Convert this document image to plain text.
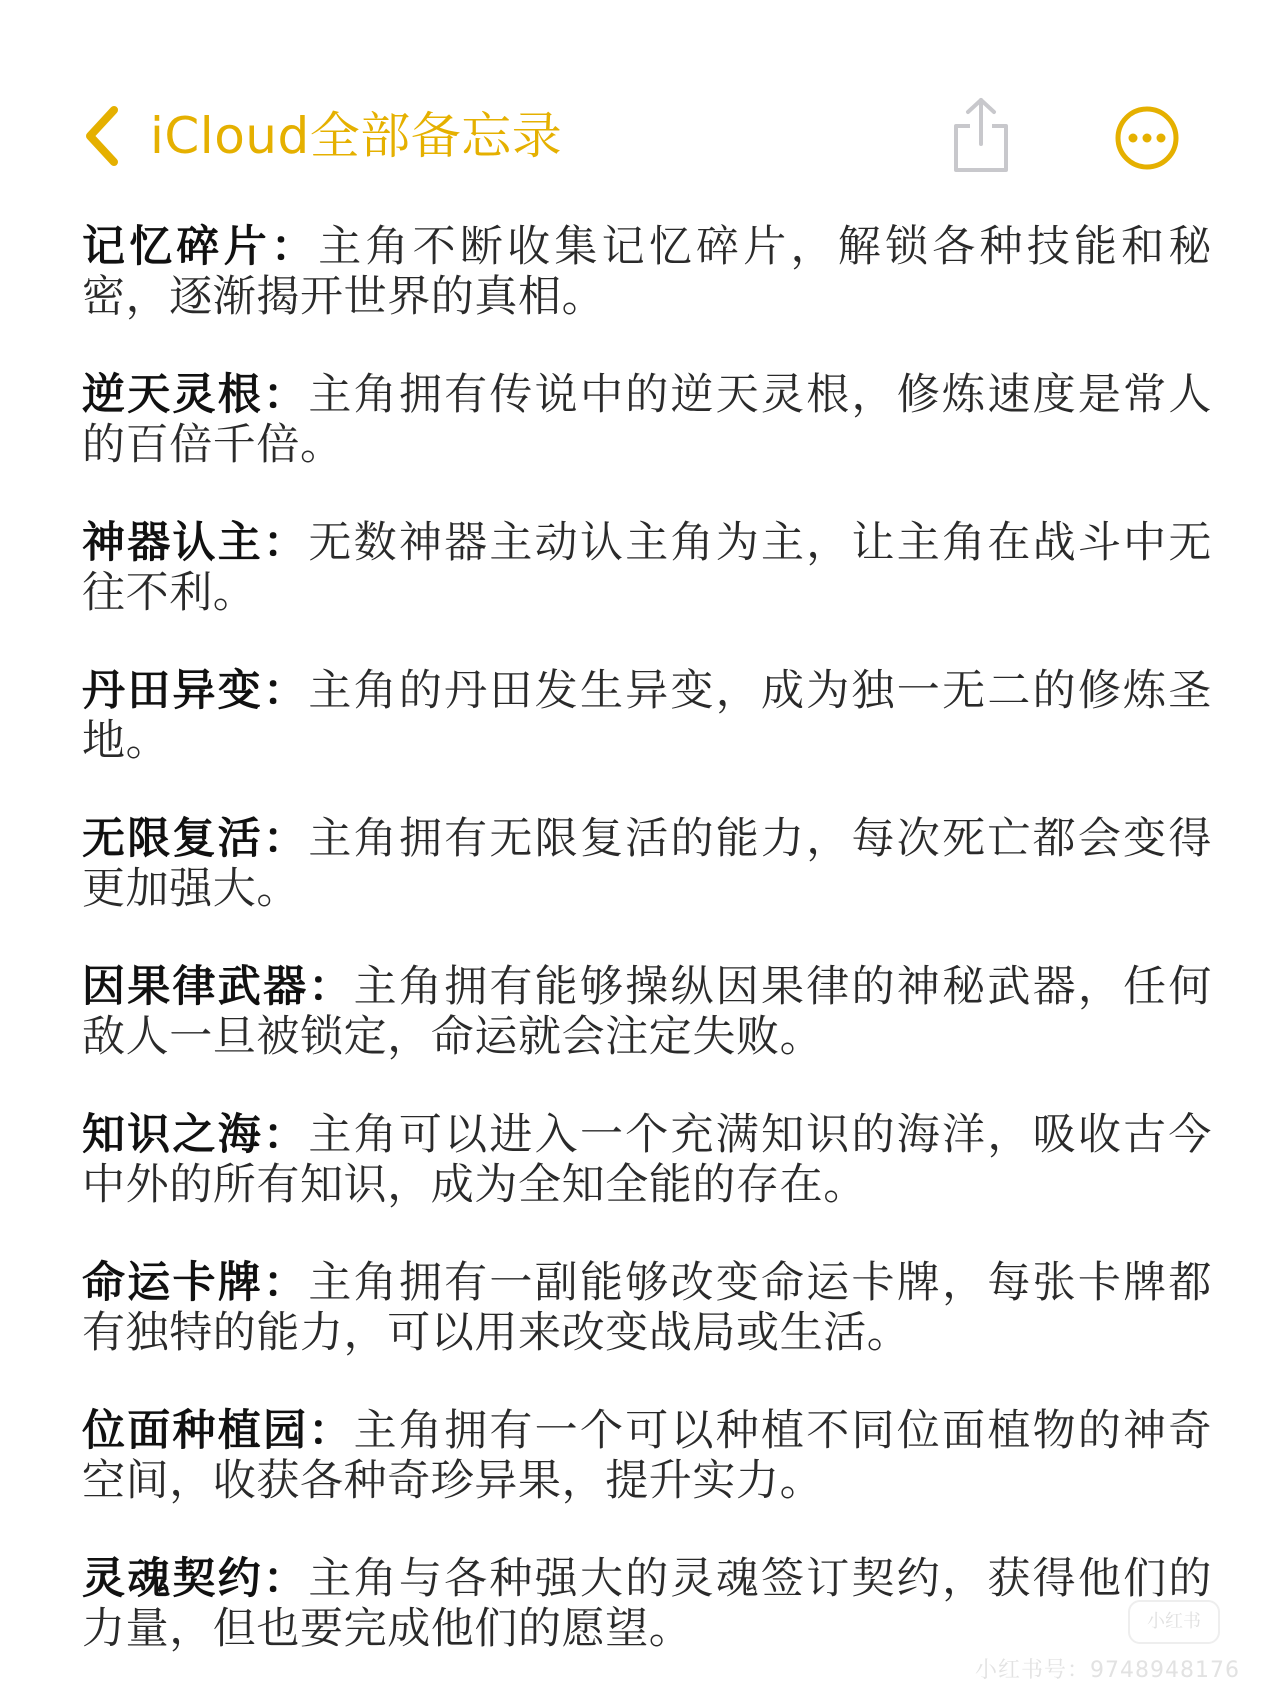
iCloud全部备忘录
记忆碎片：主角不断收集记忆碎片，解锁各种技能和秘密，逐渐揭开世界的真相。
逆天灵根：主角拥有传说中的逆天灵根，修炼速度是常人的百倍千倍。
神器认主：无数神器主动认主角为主，让主角在战斗中无往不利。
丹田异变：主角的丹田发生异变，成为独一无二的修炼圣地。
无限复活：主角拥有无限复活的能力，每次死亡都会变得更加强大。
因果律武器：主角拥有能够操纵因果律的神秘武器，任何敌人一旦被锁定，命运就会注定失败。
知识之海：主角可以进入一个充满知识的海洋，吸收古今中外的所有知识，成为全知全能的存在。
命运卡牌：主角拥有一副能够改变命运卡牌，每张卡牌都有独特的能力，可以用来改变战局或生活。
位面种植园：主角拥有一个可以种植不同位面植物的神奇空间，收获各种奇珍异果，提升实力。
灵魂契约：主角与各种强大的灵魂签订契约，获得他们的力量，但也要完成他们的愿望。	小红书
小红书号：9748948176
